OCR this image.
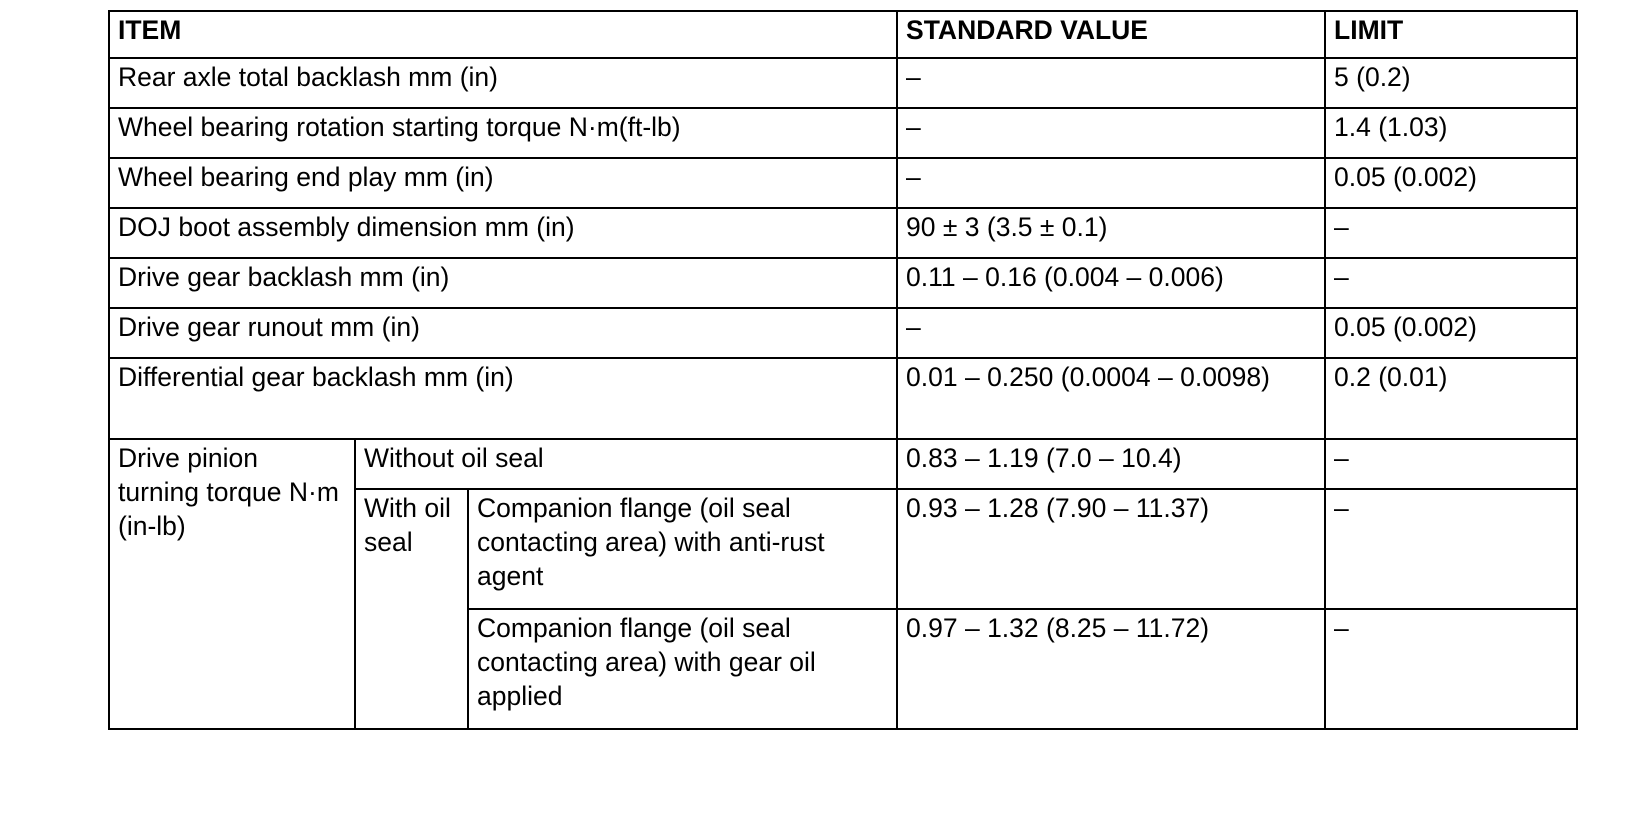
ITEM			STANDARD VALUE	LIMIT
Rear axle total backlash mm (in)			–	5 (0.2)
Wheel bearing rotation starting torque N·m(ft-lb)			–	1.4 (1.03)
Wheel bearing end play mm (in)			–	0.05 (0.002)
DOJ boot assembly dimension mm (in)			90 ± 3 (3.5 ± 0.1)	–
Drive gear backlash mm (in)			0.11 – 0.16 (0.004 – 0.006)	–
Drive gear runout mm (in)			–	0.05 (0.002)
Differential gear backlash mm (in)			0.01 – 0.250 (0.0004 – 0.0098)	0.2 (0.01)
Drive pinion turning torque N·m (in-lb)	Without oil seal		0.83 – 1.19 (7.0 – 10.4)	–
	With oil seal	Companion flange (oil seal contacting area) with anti-rust agent	0.93 – 1.28 (7.90 – 11.37)	–
		Companion flange (oil seal contacting area) with gear oil applied	0.97 – 1.32 (8.25 – 11.72)	–
